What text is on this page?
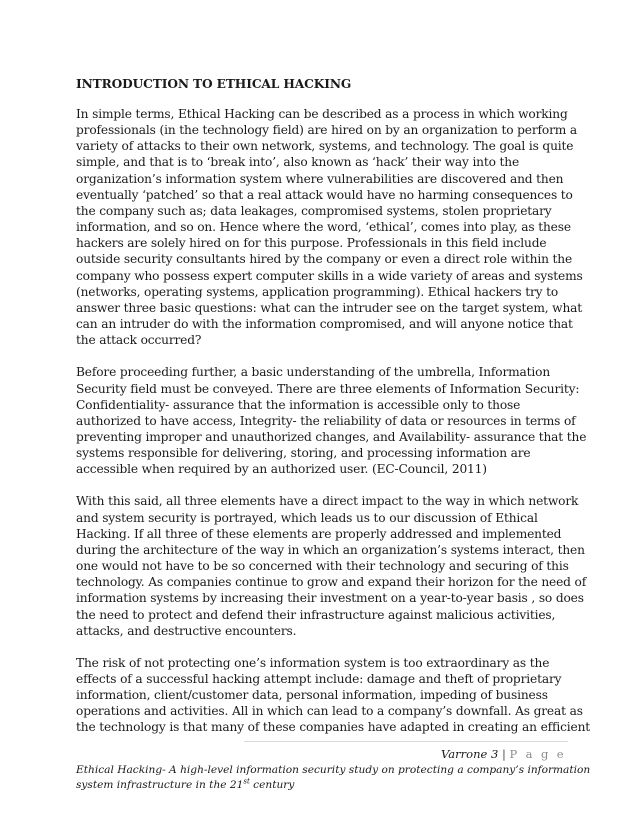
INTRODUCTION TO ETHICAL HACKING

In simple terms, Ethical Hacking can be described as a process in which working
professionals (in the technology field) are hired on by an organization to perform a
variety of attacks to their own network, systems, and technology. The goal is quite
simple, and that is to ‘break into’, also known as ‘hack’ their way into the
organization’s information system where vulnerabilities are discovered and then
eventually ‘patched’ so that a real attack would have no harming consequences to
the company such as; data leakages, compromised systems, stolen proprietary
information, and so on. Hence where the word, ‘ethical’, comes into play, as these
hackers are solely hired on for this purpose. Professionals in this field include
outside security consultants hired by the company or even a direct role within the
company who possess expert computer skills in a wide variety of areas and systems
(networks, operating systems, application programming). Ethical hackers try to
answer three basic questions: what can the intruder see on the target system, what
can an intruder do with the information compromised, and will anyone notice that
the attack occurred?

Before proceeding further, a basic understanding of the umbrella, Information
Security field must be conveyed. There are three elements of Information Security:
Confidentiality- assurance that the information is accessible only to those
authorized to have access, Integrity- the reliability of data or resources in terms of
preventing improper and unauthorized changes, and Availability- assurance that the
systems responsible for delivering, storing, and processing information are
accessible when required by an authorized user. (EC-Council, 2011)

With this said, all three elements have a direct impact to the way in which network
and system security is portrayed, which leads us to our discussion of Ethical
Hacking. If all three of these elements are properly addressed and implemented
during the architecture of the way in which an organization’s systems interact, then
one would not have to be so concerned with their technology and securing of this
technology. As companies continue to grow and expand their horizon for the need of
information systems by increasing their investment on a year-to-year basis , so does
the need to protect and defend their infrastructure against malicious activities,
attacks, and destructive encounters.

The risk of not protecting one’s information system is too extraordinary as the
effects of a successful hacking attempt include: damage and theft of proprietary
information, client/customer data, personal information, impeding of business
operations and activities. All in which can lead to a company’s downfall. As great as
the technology is that many of these companies have adapted in creating an efficient

Varrone 3 | P a g e
Ethical Hacking- A high-level information security study on protecting a company’s information
system infrastructure in the 21st century
